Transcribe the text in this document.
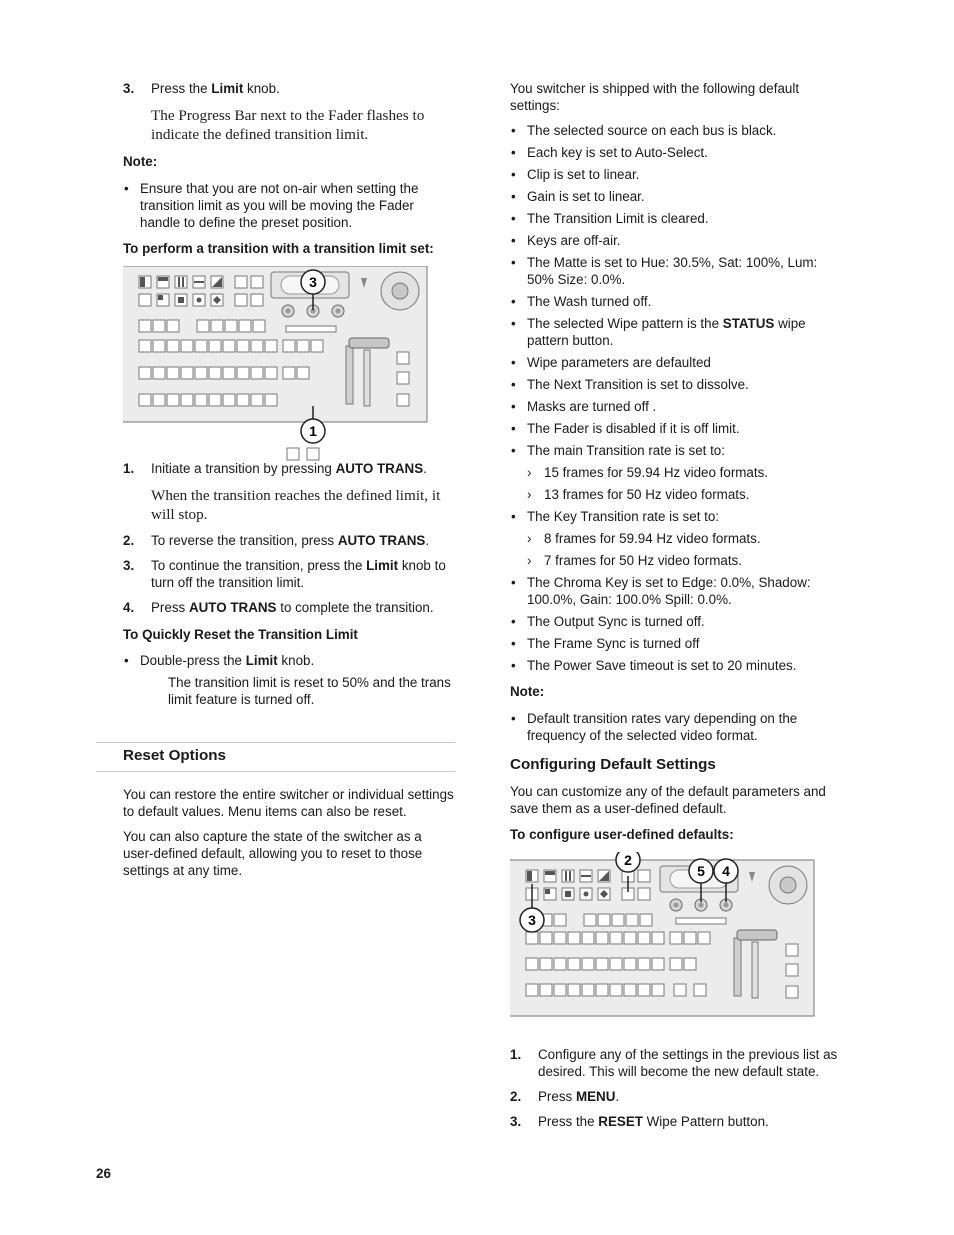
3. Press the Limit knob.

The Progress Bar next to the Fader flashes to indicate the defined transition limit.

Note:

• Ensure that you are not on-air when setting the transition limit as you will be moving the Fader handle to define the preset position.

To perform a transition with a transition limit set:

3
1
1. Initiate a transition by pressing AUTO TRANS.

When the transition reaches the defined limit, it will stop.

2. To reverse the transition, press AUTO TRANS.
3. To continue the transition, press the Limit knob to turn off the transition limit.
4. Press AUTO TRANS to complete the transition.

To Quickly Reset the Transition Limit

• Double-press the Limit knob.

The transition limit is reset to 50% and the trans limit feature is turned off.

Reset Options

You can restore the entire switcher or individual settings to default values. Menu items can also be reset.

You can also capture the state of the switcher as a user-defined default, allowing you to reset to those settings at any time.

You switcher is shipped with the following default settings:

• The selected source on each bus is black.
• Each key is set to Auto-Select.
• Clip is set to linear.
• Gain is set to linear.
• The Transition Limit is cleared.
• Keys are off-air.
• The Matte is set to Hue: 30.5%, Sat: 100%, Lum: 50% Size: 0.0%.
• The Wash turned off.
• The selected Wipe pattern is the STATUS wipe pattern button.
• Wipe parameters are defaulted
• The Next Transition is set to dissolve.
• Masks are turned off .
• The Fader is disabled if it is off limit.
• The main Transition rate is set to:
› 15 frames for 59.94 Hz video formats.
› 13 frames for 50 Hz video formats.
• The Key Transition rate is set to:
› 8 frames for 59.94 Hz video formats.
› 7 frames for 50 Hz video formats.
• The Chroma Key is set to Edge: 0.0%, Shadow: 100.0%, Gain: 100.0% Spill: 0.0%.
• The Output Sync is turned off.
• The Frame Sync is turned off
• The Power Save timeout is set to 20 minutes.

Note:

• Default transition rates vary depending on the frequency of the selected video format.

Configuring Default Settings

You can customize any of the default parameters and save them as a user-defined default.

To configure user-defined defaults:

2
5 4
3
1. Configure any of the settings in the previous list as desired. This will become the new default state.
2. Press MENU.
3. Press the RESET Wipe Pattern button.
26
